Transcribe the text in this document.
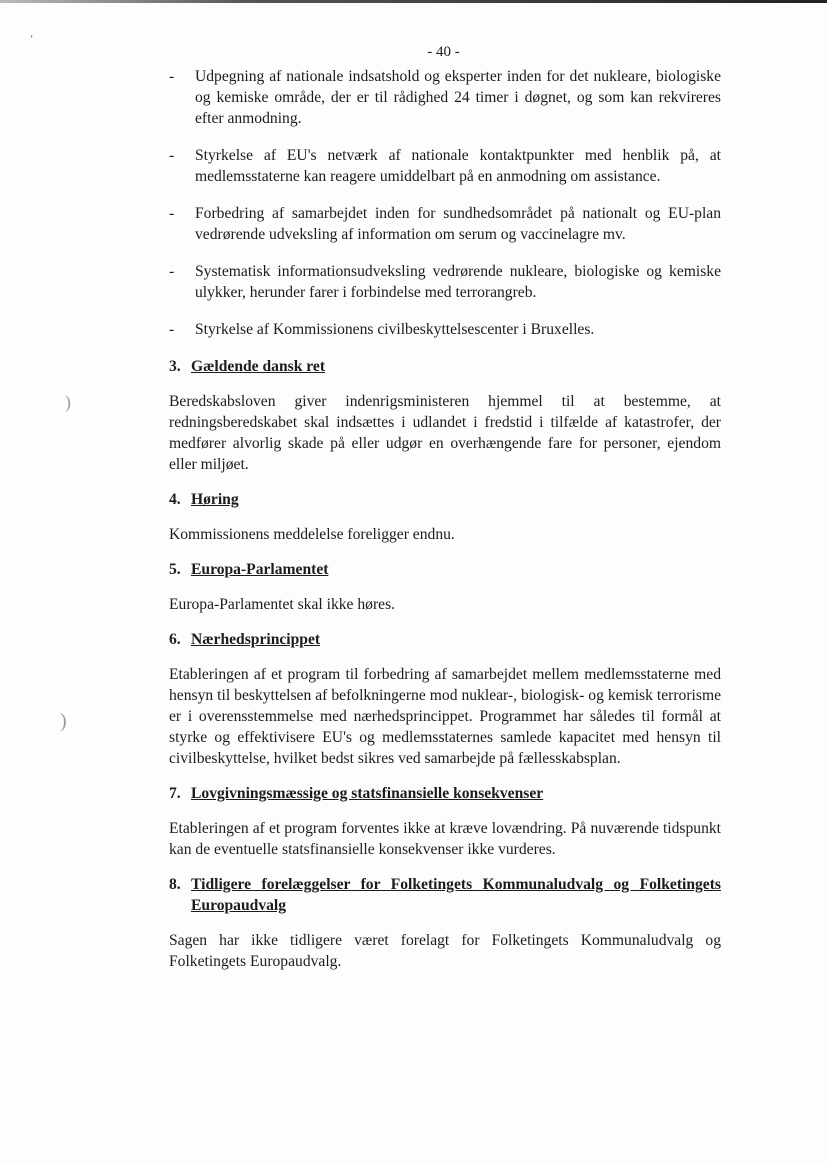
‘
)
)
- 40 -
- Udpegning af nationale indsatshold og eksperter inden for det nukleare, biologiske og kemiske område, der er til rådighed 24 timer i døgnet, og som kan rekvireres efter anmodning.
- Styrkelse af EU's netværk af nationale kontaktpunkter med henblik på, at medlemsstaterne kan reagere umiddelbart på en anmodning om assistance.
- Forbedring af samarbejdet inden for sundhedsområdet på nationalt og EU-plan vedrørende udveksling af information om serum og vaccinelagre mv.
- Systematisk informationsudveksling vedrørende nukleare, biologiske og kemiske ulykker, herunder farer i forbindelse med terrorangreb.
- Styrkelse af Kommissionens civilbeskyttelsescenter i Bruxelles.
3. Gældende dansk ret

Beredskabsloven giver indenrigsministeren hjemmel til at bestemme, at redningsberedskabet skal indsættes i udlandet i fredstid i tilfælde af katastrofer, der medfører alvorlig skade på eller udgør en overhængende fare for personer, ejendom eller miljøet.

4. Høring

Kommissionens meddelelse foreligger endnu.

5. Europa-Parlamentet

Europa-Parlamentet skal ikke høres.

6. Nærhedsprincippet

Etableringen af et program til forbedring af samarbejdet mellem medlemsstaterne med hensyn til beskyttelsen af befolkningerne mod nuklear-, biologisk- og kemisk terrorisme er i overensstemmelse med nærhedsprincippet. Programmet har således til formål at styrke og effektivisere EU's og medlemsstaternes samlede kapacitet med hensyn til civilbeskyttelse, hvilket bedst sikres ved samarbejde på fællesskabsplan.

7. Lovgivningsmæssige og statsfinansielle konsekvenser

Etableringen af et program forventes ikke at kræve lovændring. På nuværende tidspunkt kan de eventuelle statsfinansielle konsekvenser ikke vurderes.

8. Tidligere forelæggelser for Folketingets Kommunaludvalg og Folketingets Europaudvalg

Sagen har ikke tidligere været forelagt for Folketingets Kommunaludvalg og Folketingets Europaudvalg.
